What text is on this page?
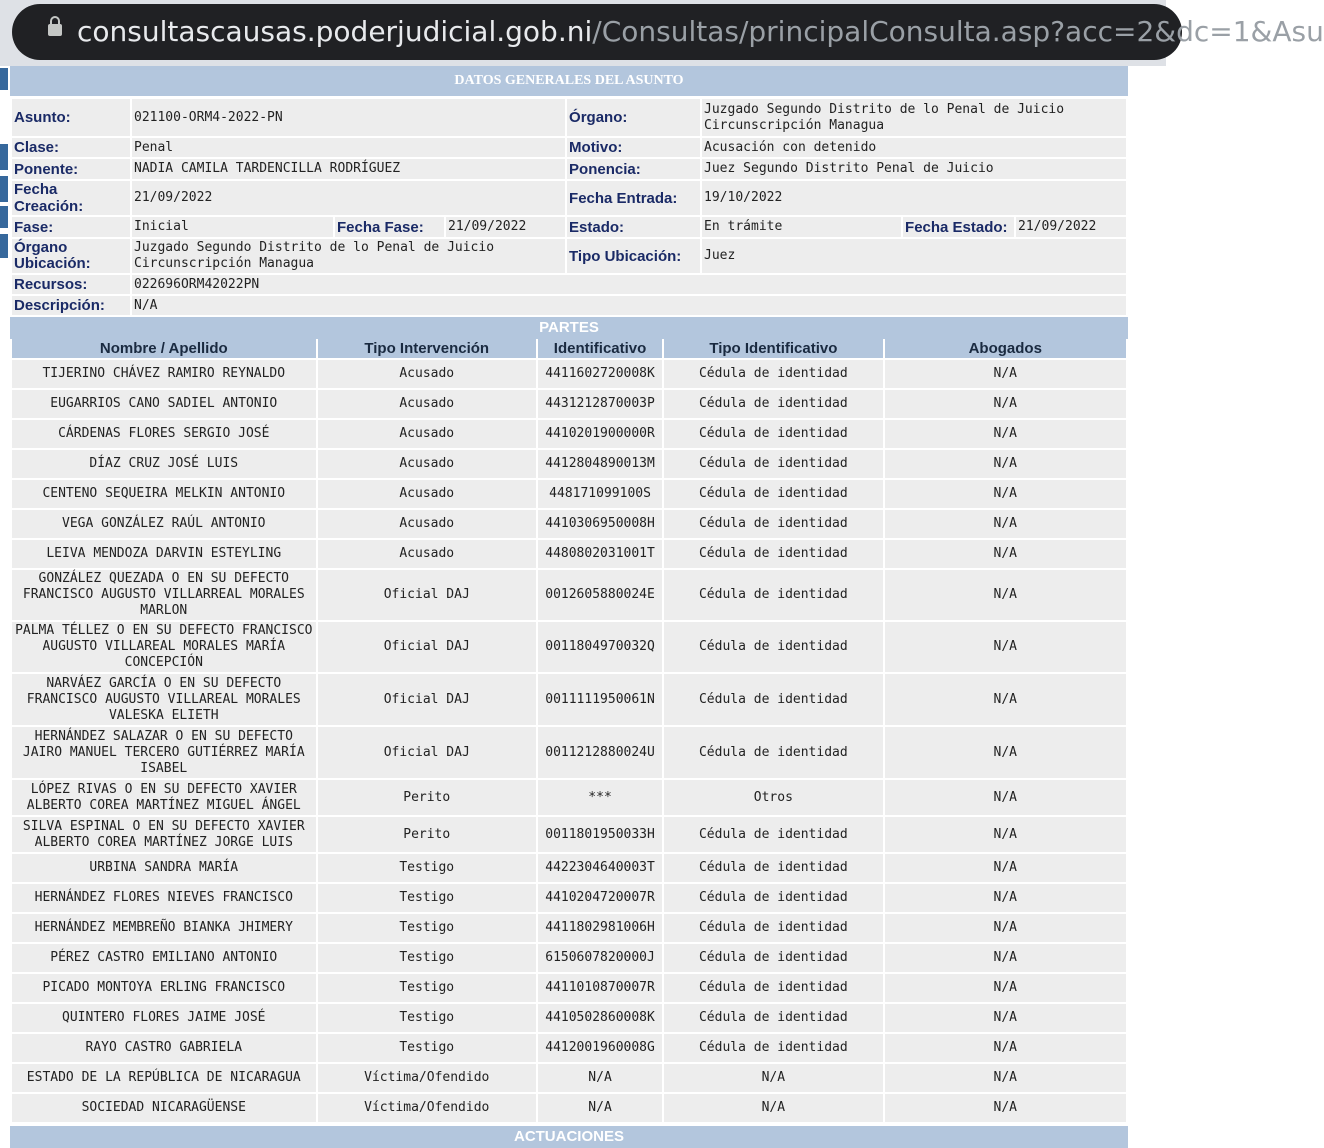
consultascausas.poderjudicial.gob.ni/Consultas/principalConsulta.asp?acc=2&dc=1&Asu
DATOS GENERALES DEL ASUNTO
Asunto:	021100-ORM4-2022-PN			Órgano:	Juzgado Segundo Distrito de lo Penal de Juicio Circunscripción Managua		
Clase:	Penal			Motivo:	Acusación con detenido		
Ponente:	NADIA CAMILA TARDENCILLA RODRÍGUEZ			Ponencia:	Juez Segundo Distrito Penal de Juicio		
Fecha Creación:	21/09/2022			Fecha Entrada:	19/10/2022		
Fase:	Inicial	Fecha Fase:	21/09/2022	Estado:	En trámite	Fecha Estado:	21/09/2022
Órgano Ubicación:	Juzgado Segundo Distrito de lo Penal de Juicio Circunscripción Managua			Tipo Ubicación:	Juez		
Recursos:	022696ORM42022PN						
Descripción:	N/A						
PARTES
Nombre / Apellido	Tipo Intervención	Identificativo	Tipo Identificativo	Abogados
TIJERINO CHÁVEZ RAMIRO REYNALDO	Acusado	4411602720008K	Cédula de identidad	N/A
EUGARRIOS CANO SADIEL ANTONIO	Acusado	4431212870003P	Cédula de identidad	N/A
CÁRDENAS FLORES SERGIO JOSÉ	Acusado	4410201900000R	Cédula de identidad	N/A
DÍAZ CRUZ JOSÉ LUIS	Acusado	4412804890013M	Cédula de identidad	N/A
CENTENO SEQUEIRA MELKIN ANTONIO	Acusado	448171099100S	Cédula de identidad	N/A
VEGA GONZÁLEZ RAÚL ANTONIO	Acusado	4410306950008H	Cédula de identidad	N/A
LEIVA MENDOZA DARVIN ESTEYLING	Acusado	4480802031001T	Cédula de identidad	N/A
GONZÁLEZ QUEZADA O EN SU DEFECTO FRANCISCO AUGUSTO VILLARREAL MORALES MARLON	Oficial DAJ	0012605880024E	Cédula de identidad	N/A
PALMA TÉLLEZ O EN SU DEFECTO FRANCISCO AUGUSTO VILLAREAL MORALES MARÍA CONCEPCIÓN	Oficial DAJ	0011804970032Q	Cédula de identidad	N/A
NARVÁEZ GARCÍA O EN SU DEFECTO FRANCISCO AUGUSTO VILLAREAL MORALES VALESKA ELIETH	Oficial DAJ	0011111950061N	Cédula de identidad	N/A
HERNÁNDEZ SALAZAR O EN SU DEFECTO JAIRO MANUEL TERCERO GUTIÉRREZ MARÍA ISABEL	Oficial DAJ	0011212880024U	Cédula de identidad	N/A
LÓPEZ RIVAS O EN SU DEFECTO XAVIER ALBERTO COREA MARTÍNEZ MIGUEL ÁNGEL	Perito	***	Otros	N/A
SILVA ESPINAL O EN SU DEFECTO XAVIER ALBERTO COREA MARTÍNEZ JORGE LUIS	Perito	0011801950033H	Cédula de identidad	N/A
URBINA SANDRA MARÍA	Testigo	4422304640003T	Cédula de identidad	N/A
HERNÁNDEZ FLORES NIEVES FRANCISCO	Testigo	4410204720007R	Cédula de identidad	N/A
HERNÁNDEZ MEMBREÑO BIANKA JHIMERY	Testigo	4411802981006H	Cédula de identidad	N/A
PÉREZ CASTRO EMILIANO ANTONIO	Testigo	6150607820000J	Cédula de identidad	N/A
PICADO MONTOYA ERLING FRANCISCO	Testigo	4411010870007R	Cédula de identidad	N/A
QUINTERO FLORES JAIME JOSÉ	Testigo	4410502860008K	Cédula de identidad	N/A
RAYO CASTRO GABRIELA	Testigo	4412001960008G	Cédula de identidad	N/A
ESTADO DE LA REPÚBLICA DE NICARAGUA	Víctima/Ofendido	N/A	N/A	N/A
SOCIEDAD NICARAGÜENSE	Víctima/Ofendido	N/A	N/A	N/A
ACTUACIONES
